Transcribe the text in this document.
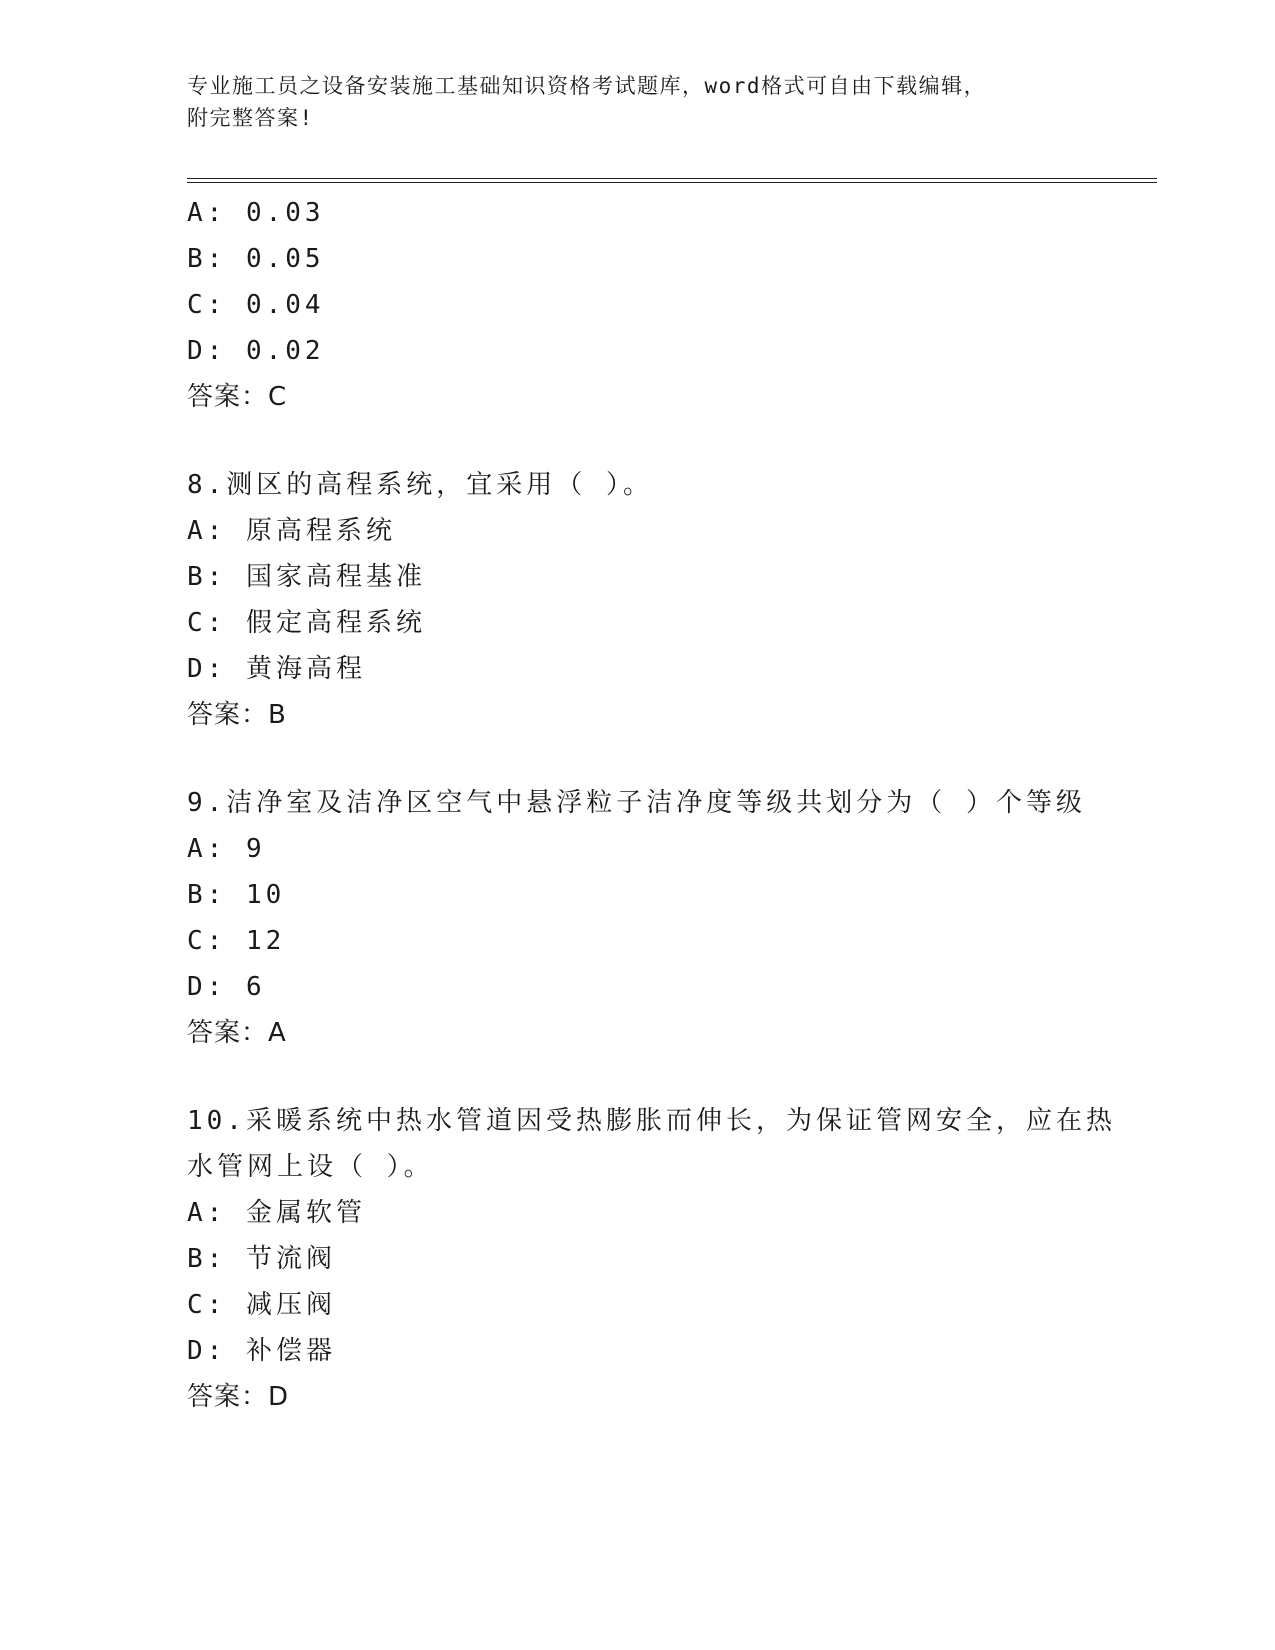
专业施工员之设备安装施工基础知识资格考试题库，word格式可自由下载编辑，
附完整答案!
A: 0.03
B: 0.05
C: 0.04
D: 0.02
答案：C
8.测区的高程系统，宜采用（ ）。
A: 原高程系统
B: 国家高程基准
C: 假定高程系统
D: 黄海高程
答案：B
9.洁净室及洁净区空气中悬浮粒子洁净度等级共划分为（ ）个等级
A: 9
B: 10
C: 12
D: 6
答案：A
10.采暖系统中热水管道因受热膨胀而伸长，为保证管网安全，应在热
水管网上设（ ）。
A: 金属软管
B: 节流阀
C: 减压阀
D: 补偿器
答案：D
